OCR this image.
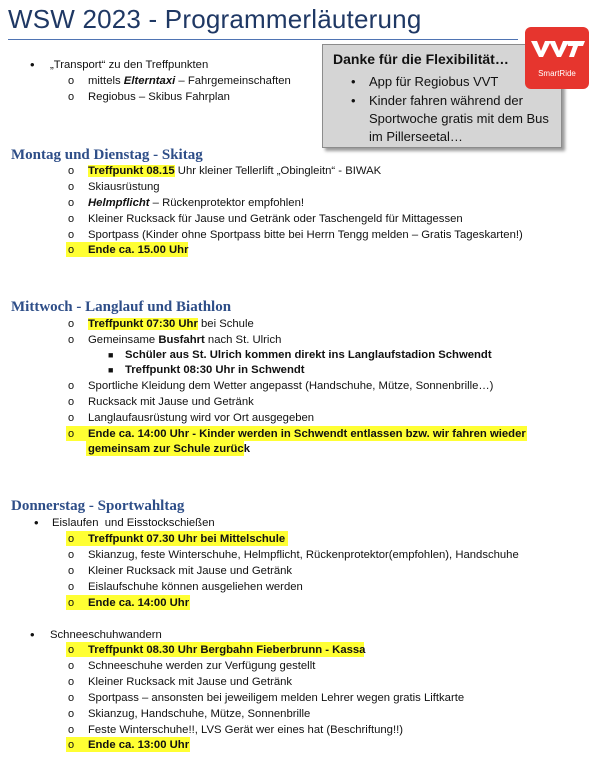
WSW 2023 - Programmerläuterung
• „Transport“ zu den Treffpunkten
o mittels Elterntaxi – Fahrgemeinschaften
o Regiobus – Skibus Fahrplan
Danke für die Flexibilität…
• App für Regiobus VVT
• Kinder fahren während der
Sportwoche gratis mit dem Bus
im Pillerseetal…
SmartRide
Montag und Dienstag - Skitag
o Treffpunkt 08.15 Uhr kleiner Tellerlift „Obingleitn“ - BIWAK
o Skiausrüstung
o Helmpflicht – Rückenprotektor empfohlen!
o Kleiner Rucksack für Jause und Getränk oder Taschengeld für Mittagessen
o Sportpass (Kinder ohne Sportpass bitte bei Herrn Tengg melden – Gratis Tageskarten!)
o Ende ca. 15.00 Uhr
Mittwoch - Langlauf und Biathlon
o Treffpunkt 07:30 Uhr bei Schule
o Gemeinsame Busfahrt nach St. Ulrich
■ Schüler aus St. Ulrich kommen direkt ins Langlaufstadion Schwendt
■ Treffpunkt 08:30 Uhr in Schwendt
o Sportliche Kleidung dem Wetter angepasst (Handschuhe, Mütze, Sonnenbrille…)
o Rucksack mit Jause und Getränk
o Langlaufausrüstung wird vor Ort ausgegeben
o Ende ca. 14:00 Uhr - Kinder werden in Schwendt entlassen bzw. wir fahren wieder
gemeinsam zur Schule zurück
Donnerstag - Sportwahltag
• Eislaufen  und Eisstockschießen
o Treffpunkt 07.30 Uhr bei Mittelschule
o Skianzug, feste Winterschuhe, Helmpflicht, Rückenprotektor(empfohlen), Handschuhe
o Kleiner Rucksack mit Jause und Getränk
o Eislaufschuhe können ausgeliehen werden
o Ende ca. 14:00 Uhr
• Schneeschuhwandern
o Treffpunkt 08.30 Uhr Bergbahn Fieberbrunn - Kassa
o Schneeschuhe werden zur Verfügung gestellt
o Kleiner Rucksack mit Jause und Getränk
o Sportpass – ansonsten bei jeweiligem melden Lehrer wegen gratis Liftkarte
o Skianzug, Handschuhe, Mütze, Sonnenbrille
o Feste Winterschuhe!!, LVS Gerät wer eines hat (Beschriftung!!)
o Ende ca. 13:00 Uhr
